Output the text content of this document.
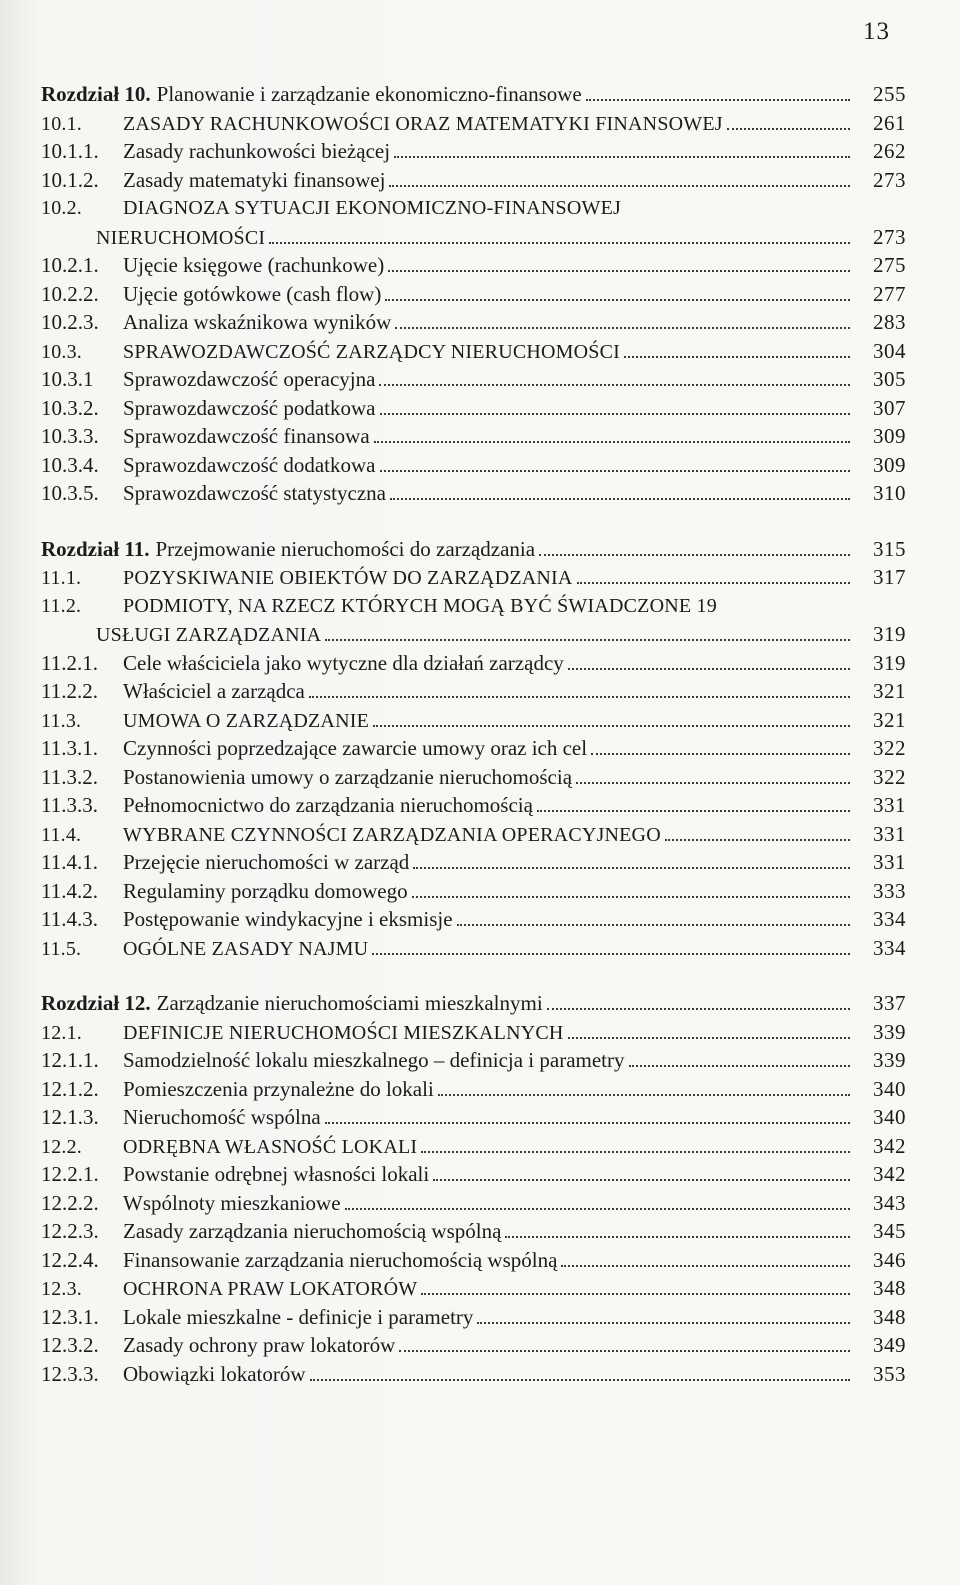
13
Rozdział 10. Planowanie i zarządzanie ekonomiczno-finansowe	255
10.1.	ZASADY RACHUNKOWOŚCI ORAZ MATEMATYKI FINANSOWEJ	261
10.1.1.	Zasady rachunkowości bieżącej	262
10.1.2.	Zasady matematyki finansowej	273
10.2.	DIAGNOZA SYTUACJI EKONOMICZNO-FINANSOWEJ
NIERUCHOMOŚCI	273
10.2.1.	Ujęcie księgowe (rachunkowe)	275
10.2.2.	Ujęcie gotówkowe (cash flow)	277
10.2.3.	Analiza wskaźnikowa wyników	283
10.3.	SPRAWOZDAWCZOŚĆ ZARZĄDCY NIERUCHOMOŚCI	304
10.3.1	Sprawozdawczość operacyjna	305
10.3.2.	Sprawozdawczość podatkowa	307
10.3.3.	Sprawozdawczość finansowa	309
10.3.4.	Sprawozdawczość dodatkowa	309
10.3.5.	Sprawozdawczość statystyczna	310
Rozdział 11. Przejmowanie nieruchomości do zarządzania	315
11.1.	POZYSKIWANIE OBIEKTÓW DO ZARZĄDZANIA	317
11.2.	PODMIOTY, NA RZECZ KTÓRYCH MOGĄ BYĆ ŚWIADCZONE 19
USŁUGI ZARZĄDZANIA	319
11.2.1.	Cele właściciela jako wytyczne dla działań zarządcy	319
11.2.2.	Właściciel a zarządca	321
11.3.	UMOWA O ZARZĄDZANIE	321
11.3.1.	Czynności poprzedzające zawarcie umowy oraz ich cel	322
11.3.2.	Postanowienia umowy o zarządzanie nieruchomością	322
11.3.3.	Pełnomocnictwo do zarządzania nieruchomością	331
11.4.	WYBRANE CZYNNOŚCI ZARZĄDZANIA OPERACYJNEGO	331
11.4.1.	Przejęcie nieruchomości w zarząd	331
11.4.2.	Regulaminy porządku domowego	333
11.4.3.	Postępowanie windykacyjne i eksmisje	334
11.5.	OGÓLNE ZASADY NAJMU	334
Rozdział 12. Zarządzanie nieruchomościami mieszkalnymi	337
12.1.	DEFINICJE NIERUCHOMOŚCI MIESZKALNYCH	339
12.1.1.	Samodzielność lokalu mieszkalnego – definicja i parametry	339
12.1.2.	Pomieszczenia przynależne do lokali	340
12.1.3.	Nieruchomość wspólna	340
12.2.	ODRĘBNA WŁASNOŚĆ LOKALI	342
12.2.1.	Powstanie odrębnej własności lokali	342
12.2.2.	Wspólnoty mieszkaniowe	343
12.2.3.	Zasady zarządzania nieruchomością wspólną	345
12.2.4.	Finansowanie zarządzania nieruchomością wspólną	346
12.3.	OCHRONA PRAW LOKATORÓW	348
12.3.1.	Lokale mieszkalne - definicje i parametry	348
12.3.2.	Zasady ochrony praw lokatorów	349
12.3.3.	Obowiązki lokatorów	353
